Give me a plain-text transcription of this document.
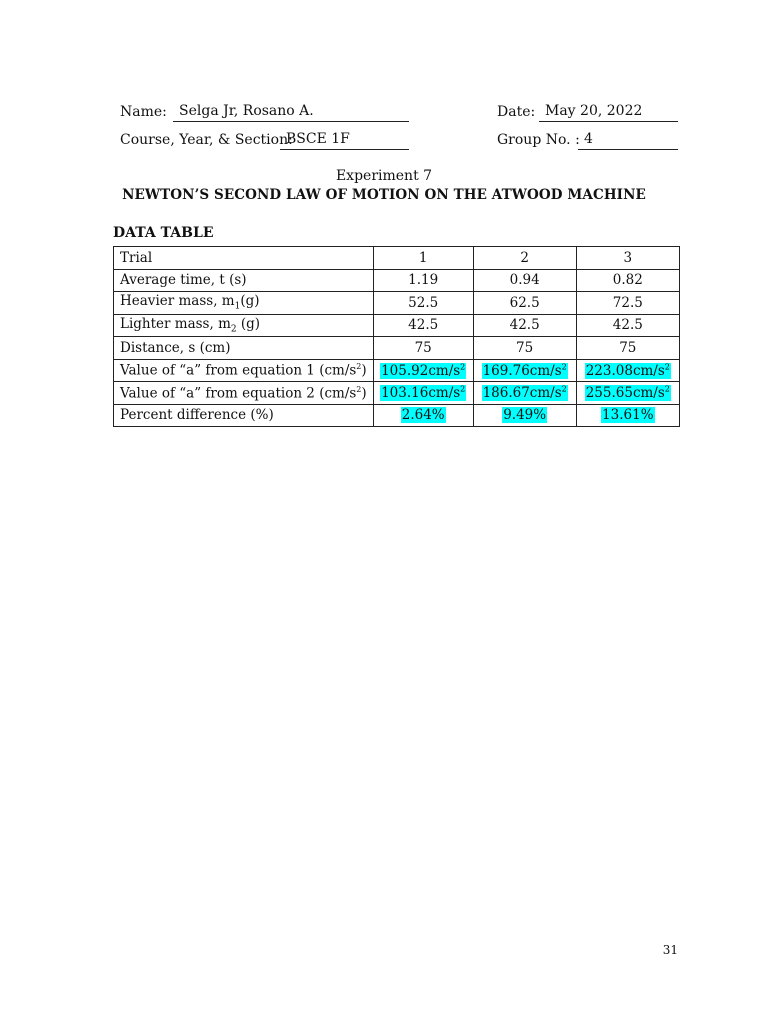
Name: Selga Jr, Rosano A.	Date: May 20, 2022
Course, Year, & Section:
BSCE 1F	Group No. : 4
Experiment 7
NEWTON’S SECOND LAW OF MOTION ON THE ATWOOD MACHINE
DATA TABLE
Trial	1	2	3
Average time, t (s)	1.19	0.94	0.82
Heavier mass, $m_1(g)$	52.5	62.5	72.5
Lighter mass, $m_2$ (g)	42.5	42.5	42.5
Distance, s (cm)	75	75	75
Value of “a” from equation 1 $(cm/s^2)$	$105.92cm/s^2$	$169.76cm/s^2$	$223.08cm/s^2$
Value of “a” from equation 2 $(cm/s^2)$	$103.16cm/s^2$	$186.67cm/s^2$	$255.65cm/s^2$
Percent difference (%)	2.64%	9.49%	13.61%
31
